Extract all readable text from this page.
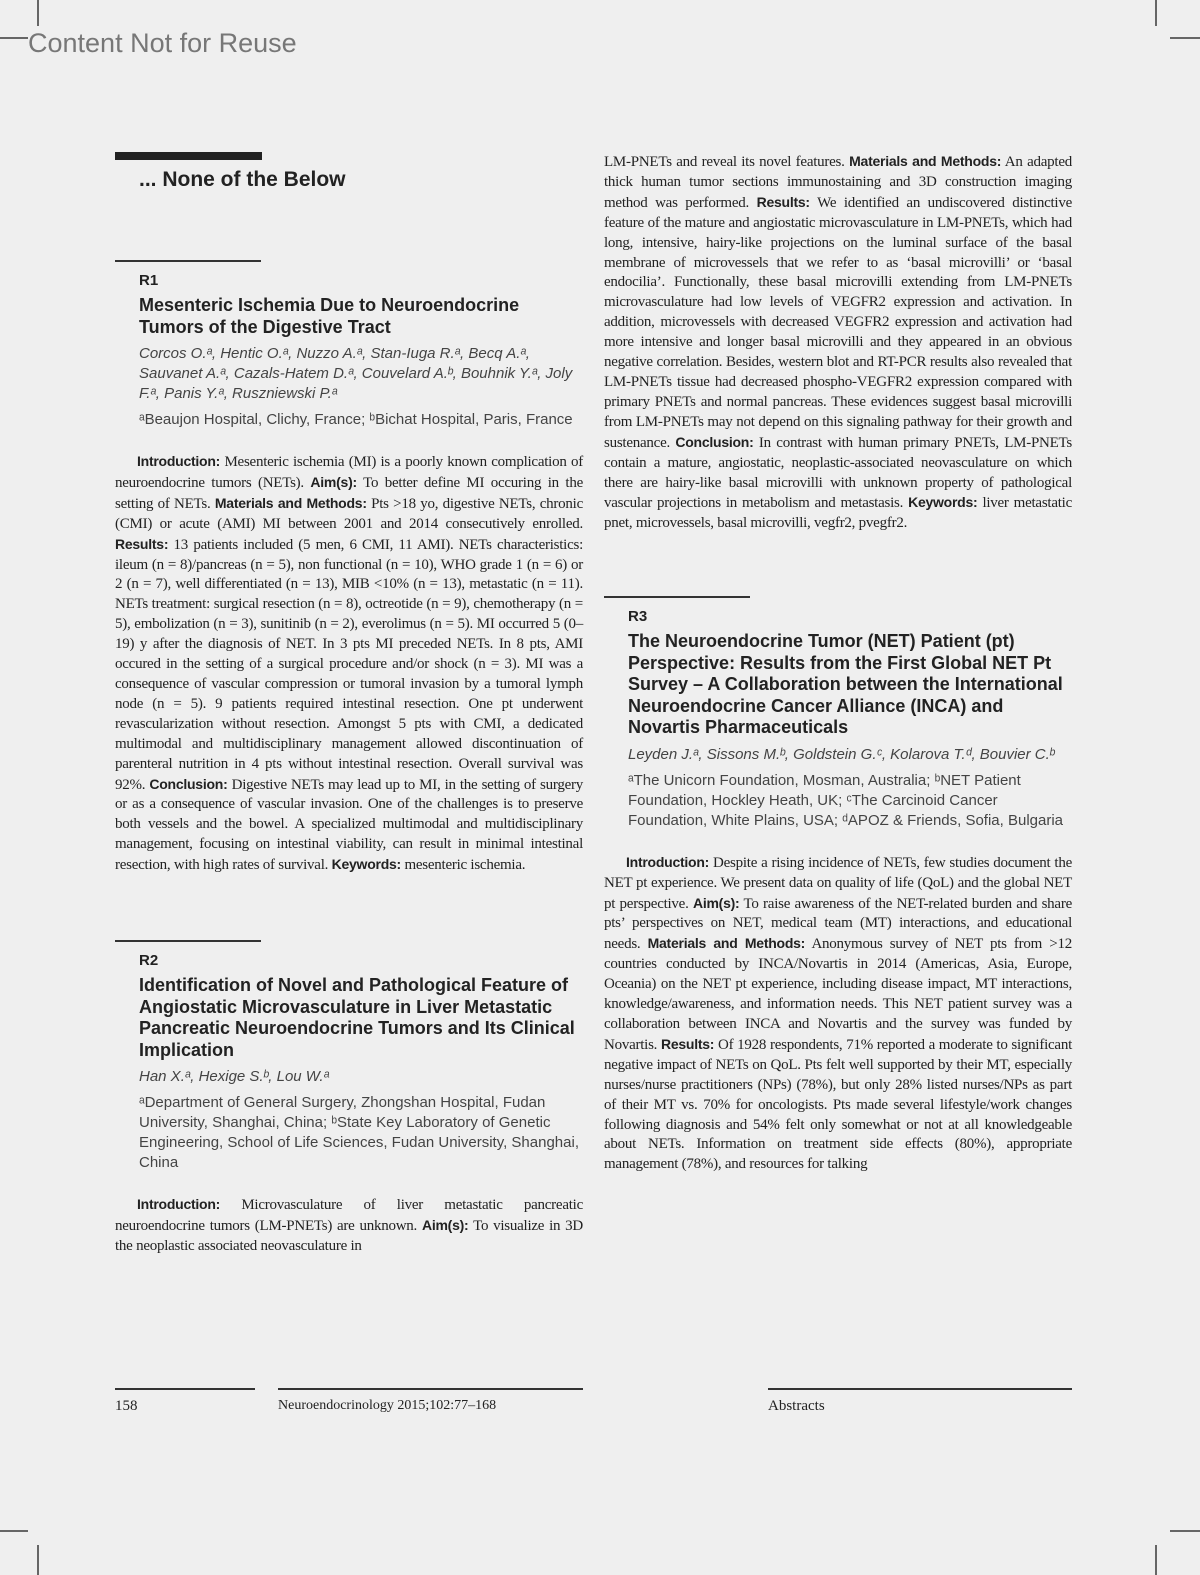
Content Not for Reuse
... None of the Below
R1
Mesenteric Ischemia Due to Neuroendocrine Tumors of the Digestive Tract
Corcos O.ᵃ, Hentic O.ᵃ, Nuzzo A.ᵃ, Stan-Iuga R.ᵃ, Becq A.ᵃ, Sauvanet A.ᵃ, Cazals-Hatem D.ᵃ, Couvelard A.ᵇ, Bouhnik Y.ᵃ, Joly F.ᵃ, Panis Y.ᵃ, Ruszniewski P.ᵃ
ᵃBeaujon Hospital, Clichy, France; ᵇBichat Hospital, Paris, France
Introduction: Mesenteric ischemia (MI) is a poorly known complication of neuroendocrine tumors (NETs). Aim(s): To better define MI occuring in the setting of NETs. Materials and Methods: Pts >18 yo, digestive NETs, chronic (CMI) or acute (AMI) MI between 2001 and 2014 consecutively enrolled. Results: 13 patients included (5 men, 6 CMI, 11 AMI). NETs characteristics: ileum (n = 8)/pancreas (n = 5), non functional (n = 10), WHO grade 1 (n = 6) or 2 (n = 7), well differentiated (n = 13), MIB <10% (n = 13), metastatic (n = 11). NETs treatment: surgical resection (n = 8), octreotide (n = 9), chemotherapy (n = 5), embolization (n = 3), sunitinib (n = 2), everolimus (n = 5). MI occurred 5 (0–19) y after the diagnosis of NET. In 3 pts MI preceded NETs. In 8 pts, AMI occured in the setting of a surgical procedure and/or shock (n = 3). MI was a consequence of vascular compression or tumoral invasion by a tumoral lymph node (n = 5). 9 patients required intestinal resection. One pt underwent revascularization without resection. Amongst 5 pts with CMI, a dedicated multimodal and multidisciplinary management allowed discontinuation of parenteral nutrition in 4 pts without intestinal resection. Overall survival was 92%. Conclusion: Digestive NETs may lead up to MI, in the setting of surgery or as a consequence of vascular invasion. One of the challenges is to preserve both vessels and the bowel. A specialized multimodal and multidisciplinary management, focusing on intestinal viability, can result in minimal intestinal resection, with high rates of survival. Keywords: mesenteric ischemia.
R2
Identification of Novel and Pathological Feature of Angiostatic Microvasculature in Liver Metastatic Pancreatic Neuroendocrine Tumors and Its Clinical Implication
Han X.ᵃ, Hexige S.ᵇ, Lou W.ᵃ
ᵃDepartment of General Surgery, Zhongshan Hospital, Fudan University, Shanghai, China; ᵇState Key Laboratory of Genetic Engineering, School of Life Sciences, Fudan University, Shanghai, China
Introduction: Microvasculature of liver metastatic pancreatic neuroendocrine tumors (LM-PNETs) are unknown. Aim(s): To visualize in 3D the neoplastic associated neovasculature in
LM-PNETs and reveal its novel features. Materials and Methods: An adapted thick human tumor sections immunostaining and 3D construction imaging method was performed. Results: We identified an undiscovered distinctive feature of the mature and angiostatic microvasculature in LM-PNETs, which had long, intensive, hairy-like projections on the luminal surface of the basal membrane of microvessels that we refer to as ‘basal microvilli’ or ‘basal endocilia’. Functionally, these basal microvilli extending from LM-PNETs microvasculature had low levels of VEGFR2 expression and activation. In addition, microvessels with decreased VEGFR2 expression and activation had more intensive and longer basal microvilli and they appeared in an obvious negative correlation. Besides, western blot and RT-PCR results also revealed that LM-PNETs tissue had decreased phospho-VEGFR2 expression compared with primary PNETs and normal pancreas. These evidences suggest basal microvilli from LM-PNETs may not depend on this signaling pathway for their growth and sustenance. Conclusion: In contrast with human primary PNETs, LM-PNETs contain a mature, angiostatic, neoplastic-associated neovasculature on which there are hairy-like basal microvilli with unknown property of pathological vascular projections in metabolism and metastasis. Keywords: liver metastatic pnet, microvessels, basal microvilli, vegfr2, pvegfr2.
R3
The Neuroendocrine Tumor (NET) Patient (pt) Perspective: Results from the First Global NET Pt Survey – A Collaboration between the International Neuroendocrine Cancer Alliance (INCA) and Novartis Pharmaceuticals
Leyden J.ᵃ, Sissons M.ᵇ, Goldstein G.ᶜ, Kolarova T.ᵈ, Bouvier C.ᵇ
ᵃThe Unicorn Foundation, Mosman, Australia; ᵇNET Patient Foundation, Hockley Heath, UK; ᶜThe Carcinoid Cancer Foundation, White Plains, USA; ᵈAPOZ & Friends, Sofia, Bulgaria
Introduction: Despite a rising incidence of NETs, few studies document the NET pt experience. We present data on quality of life (QoL) and the global NET pt perspective. Aim(s): To raise awareness of the NET-related burden and share pts’ perspectives on NET, medical team (MT) interactions, and educational needs. Materials and Methods: Anonymous survey of NET pts from >12 countries conducted by INCA/Novartis in 2014 (Americas, Asia, Europe, Oceania) on the NET pt experience, including disease impact, MT interactions, knowledge/awareness, and information needs. This NET patient survey was a collaboration between INCA and Novartis and the survey was funded by Novartis. Results: Of 1928 respondents, 71% reported a moderate to significant negative impact of NETs on QoL. Pts felt well supported by their MT, especially nurses/nurse practitioners (NPs) (78%), but only 28% listed nurses/NPs as part of their MT vs. 70% for oncologists. Pts made several lifestyle/work changes following diagnosis and 54% felt only somewhat or not at all knowledgeable about NETs. Information on treatment side effects (80%), appropriate management (78%), and resources for talking
158	Neuroendocrinology 2015;102:77–168	Abstracts
